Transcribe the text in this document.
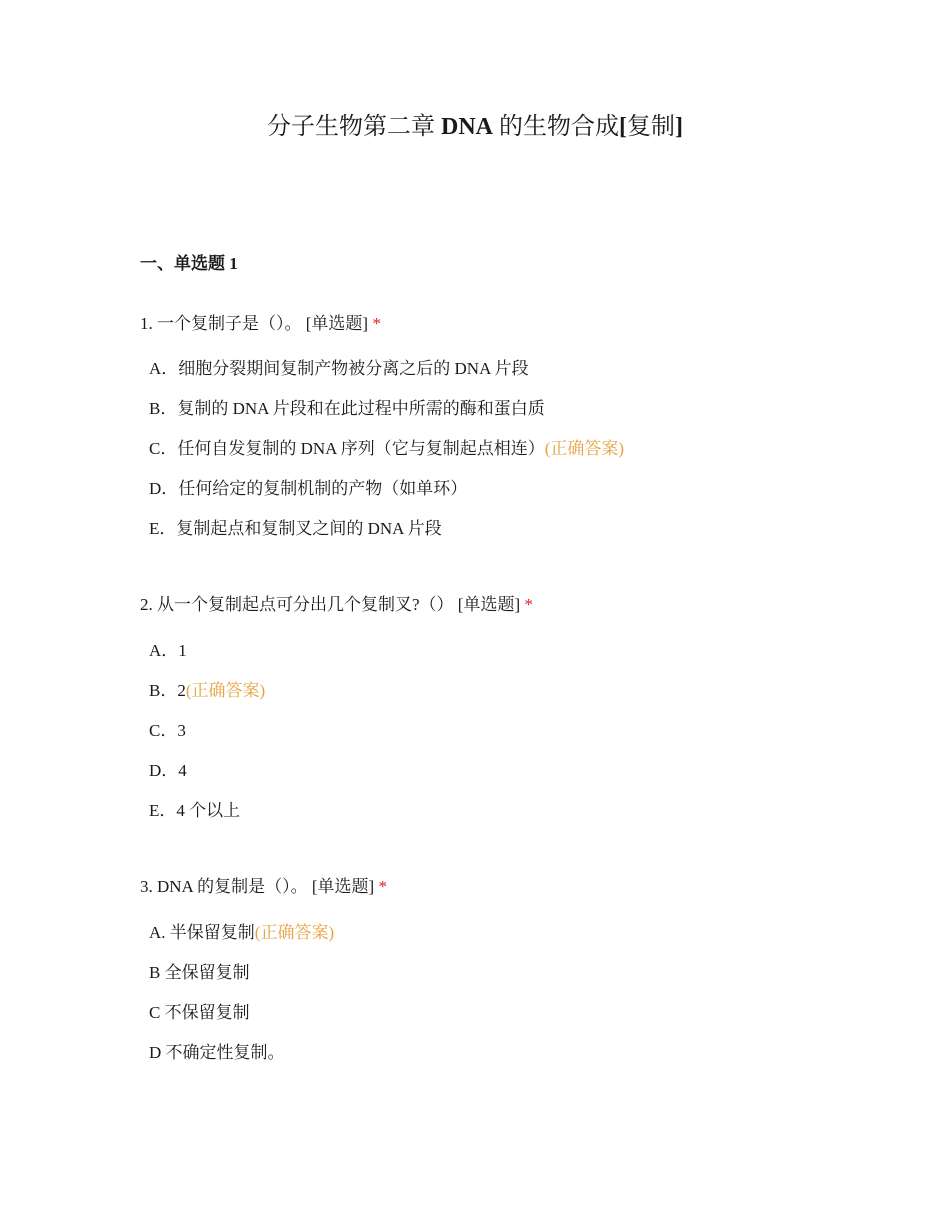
分子生物第二章 DNA 的生物合成[复制]
一、单选题 1

1. 一个复制子是（）。 [单选题] *

A．细胞分裂期间复制产物被分离之后的 DNA 片段
B．复制的 DNA 片段和在此过程中所需的酶和蛋白质
C．任何自发复制的 DNA 序列（它与复制起点相连）(正确答案)
D．任何给定的复制机制的产物（如单环）
E．复制起点和复制叉之间的 DNA 片段

2. 从一个复制起点可分出几个复制叉?（） [单选题] *

A．1
B．2(正确答案)
C．3
D．4
E．4 个以上

3. DNA 的复制是（）。 [单选题] *

A. 半保留复制(正确答案)
B 全保留复制
C 不保留复制
D 不确定性复制。
